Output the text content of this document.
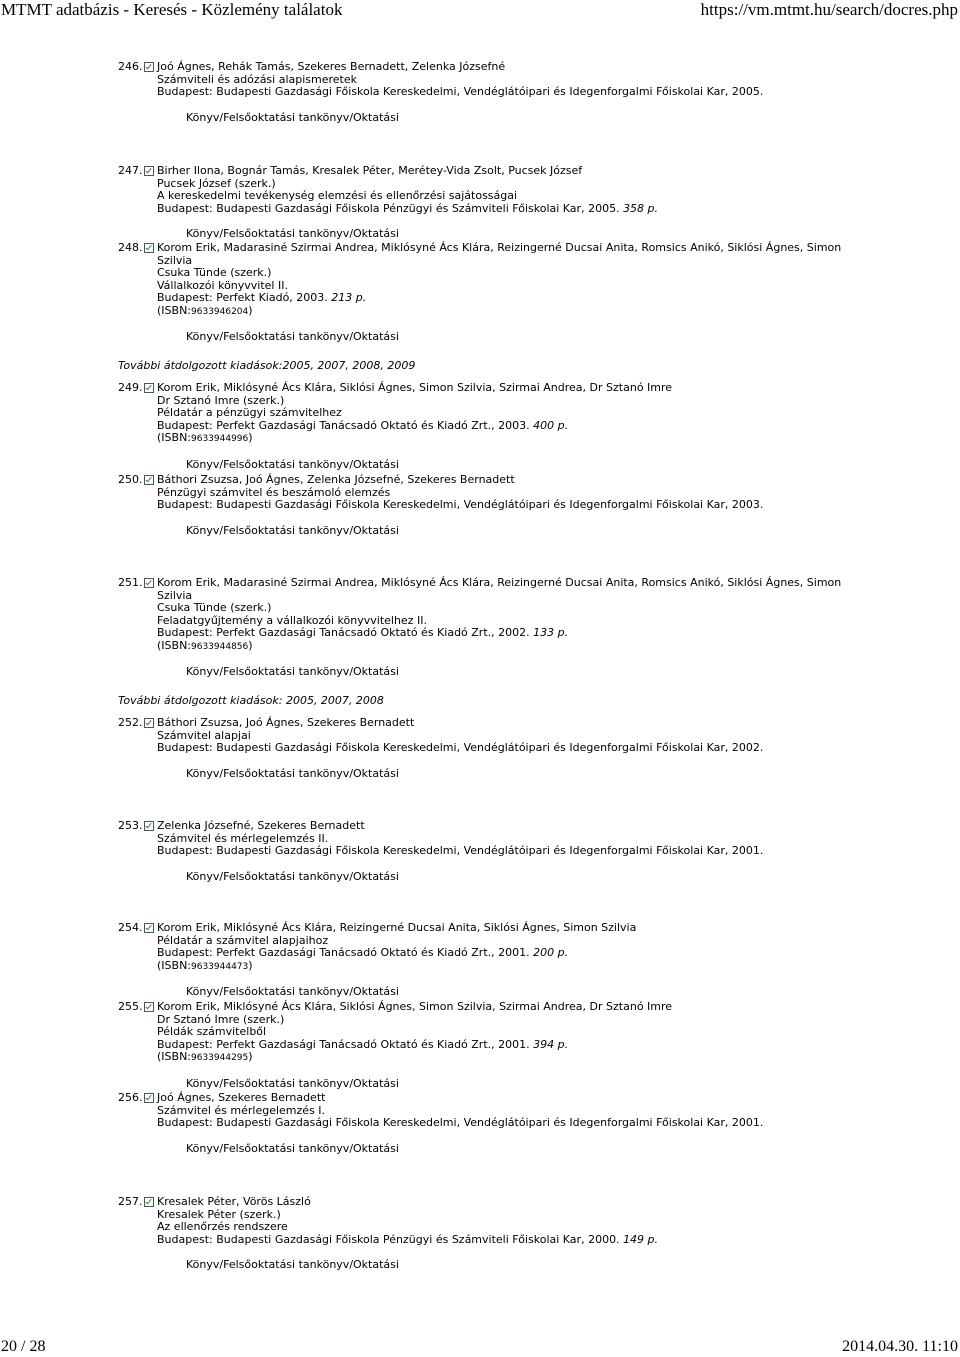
MTMT adatbázis - Keresés - Közlemény találatok	https://vm.mtmt.hu/search/docres.php
246. Joó Ágnes, Rehák Tamás, Szekeres Bernadett, Zelenka Józsefné
Számviteli és adózási alapismeretek
Budapest: Budapesti Gazdasági Főiskola Kereskedelmi, Vendéglátóipari és Idegenforgalmi Főiskolai Kar, 2005.
Könyv/Felsőoktatási tankönyv/Oktatási
247. Birher Ilona, Bognár Tamás, Kresalek Péter, Merétey-Vida Zsolt, Pucsek József
Pucsek József (szerk.)
A kereskedelmi tevékenység elemzési és ellenőrzési sajátosságai
Budapest: Budapesti Gazdasági Főiskola Pénzügyi és Számviteli Főiskolai Kar, 2005. 358 p.
Könyv/Felsőoktatási tankönyv/Oktatási
248. Korom Erik, Madarasiné Szirmai Andrea, Miklósyné Ács Klára, Reizingerné Ducsai Anita, Romsics Anikó, Siklósi Ágnes, Simon
Szilvia
Csuka Tünde (szerk.)
Vállalkozói könyvvitel II.
Budapest: Perfekt Kiadó, 2003. 213 p.
(ISBN:9633946204)
Könyv/Felsőoktatási tankönyv/Oktatási
További átdolgozott kiadások:2005, 2007, 2008, 2009
249. Korom Erik, Miklósyné Ács Klára, Siklósi Ágnes, Simon Szilvia, Szirmai Andrea, Dr Sztanó Imre
Dr Sztanó Imre (szerk.)
Példatár a pénzügyi számvitelhez
Budapest: Perfekt Gazdasági Tanácsadó Oktató és Kiadó Zrt., 2003. 400 p.
(ISBN:9633944996)
Könyv/Felsőoktatási tankönyv/Oktatási
250. Báthori Zsuzsa, Joó Ágnes, Zelenka Józsefné, Szekeres Bernadett
Pénzügyi számvitel és beszámoló elemzés
Budapest: Budapesti Gazdasági Főiskola Kereskedelmi, Vendéglátóipari és Idegenforgalmi Főiskolai Kar, 2003.
Könyv/Felsőoktatási tankönyv/Oktatási
251. Korom Erik, Madarasiné Szirmai Andrea, Miklósyné Ács Klára, Reizingerné Ducsai Anita, Romsics Anikó, Siklósi Ágnes, Simon
Szilvia
Csuka Tünde (szerk.)
Feladatgyűjtemény a vállalkozói könyvvitelhez II.
Budapest: Perfekt Gazdasági Tanácsadó Oktató és Kiadó Zrt., 2002. 133 p.
(ISBN:9633944856)
Könyv/Felsőoktatási tankönyv/Oktatási
További átdolgozott kiadások: 2005, 2007, 2008
252. Báthori Zsuzsa, Joó Ágnes, Szekeres Bernadett
Számvitel alapjai
Budapest: Budapesti Gazdasági Főiskola Kereskedelmi, Vendéglátóipari és Idegenforgalmi Főiskolai Kar, 2002.
Könyv/Felsőoktatási tankönyv/Oktatási
253. Zelenka Józsefné, Szekeres Bernadett
Számvitel és mérlegelemzés II.
Budapest: Budapesti Gazdasági Főiskola Kereskedelmi, Vendéglátóipari és Idegenforgalmi Főiskolai Kar, 2001.
Könyv/Felsőoktatási tankönyv/Oktatási
254. Korom Erik, Miklósyné Ács Klára, Reizingerné Ducsai Anita, Siklósi Ágnes, Simon Szilvia
Példatár a számvitel alapjaihoz
Budapest: Perfekt Gazdasági Tanácsadó Oktató és Kiadó Zrt., 2001. 200 p.
(ISBN:9633944473)
Könyv/Felsőoktatási tankönyv/Oktatási
255. Korom Erik, Miklósyné Ács Klára, Siklósi Ágnes, Simon Szilvia, Szirmai Andrea, Dr Sztanó Imre
Dr Sztanó Imre (szerk.)
Példák számvitelből
Budapest: Perfekt Gazdasági Tanácsadó Oktató és Kiadó Zrt., 2001. 394 p.
(ISBN:9633944295)
Könyv/Felsőoktatási tankönyv/Oktatási
256. Joó Ágnes, Szekeres Bernadett
Számvitel és mérlegelemzés I.
Budapest: Budapesti Gazdasági Főiskola Kereskedelmi, Vendéglátóipari és Idegenforgalmi Főiskolai Kar, 2001.
Könyv/Felsőoktatási tankönyv/Oktatási
257. Kresalek Péter, Vörös László
Kresalek Péter (szerk.)
Az ellenőrzés rendszere
Budapest: Budapesti Gazdasági Főiskola Pénzügyi és Számviteli Főiskolai Kar, 2000. 149 p.
Könyv/Felsőoktatási tankönyv/Oktatási
20 / 28	2014.04.30. 11:10
